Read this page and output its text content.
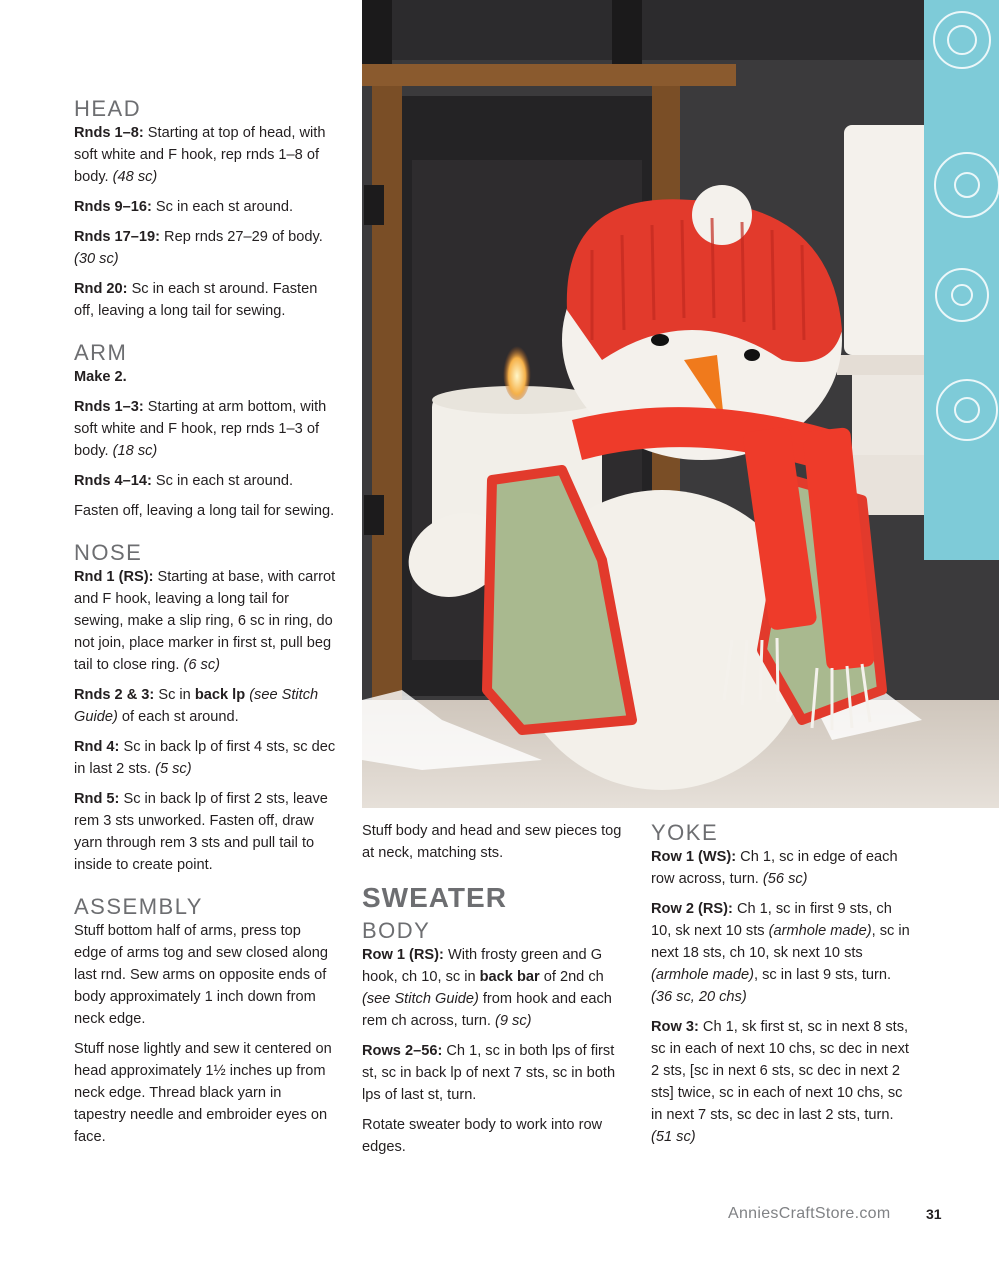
HEAD

Rnds 1–8: Starting at top of head, with soft white and F hook, rep rnds 1–8 of body. (48 sc)

Rnds 9–16: Sc in each st around.

Rnds 17–19: Rep rnds 27–29 of body. (30 sc)

Rnd 20: Sc in each st around. Fasten off, leaving a long tail for sewing.

ARM

Make 2.

Rnds 1–3: Starting at arm bottom, with soft white and F hook, rep rnds 1–3 of body. (18 sc)

Rnds 4–14: Sc in each st around.

Fasten off, leaving a long tail for sewing.

NOSE

Rnd 1 (RS): Starting at base, with carrot and F hook, leaving a long tail for sewing, make a slip ring, 6 sc in ring, do not join, place marker in first st, pull beg tail to close ring. (6 sc)

Rnds 2 & 3: Sc in back lp (see Stitch Guide) of each st around.

Rnd 4: Sc in back lp of first 4 sts, sc dec in last 2 sts. (5 sc)

Rnd 5: Sc in back lp of first 2 sts, leave rem 3 sts unworked. Fasten off, draw yarn through rem 3 sts and pull tail to inside to create point.

ASSEMBLY

Stuff bottom half of arms, press top edge of arms tog and sew closed along last rnd. Sew arms on opposite ends of body approximately 1 inch down from neck edge.

Stuff nose lightly and sew it centered on head approximately 1½ inches up from neck edge. Thread black yarn in tapestry needle and embroider eyes on face.

Stuff body and head and sew pieces tog at neck, matching sts.

SWEATER
BODY

Row 1 (RS): With frosty green and G hook, ch 10, sc in back bar of 2nd ch (see Stitch Guide) from hook and each rem ch across, turn. (9 sc)

Rows 2–56: Ch 1, sc in both lps of first st, sc in back lp of next 7 sts, sc in both lps of last st, turn.

Rotate sweater body to work into row edges.

YOKE

Row 1 (WS): Ch 1, sc in edge of each row across, turn. (56 sc)

Row 2 (RS): Ch 1, sc in first 9 sts, ch 10, sk next 10 sts (armhole made), sc in next 18 sts, ch 10, sk next 10 sts (armhole made), sc in last 9 sts, turn. (36 sc, 20 chs)

Row 3: Ch 1, sk first st, sc in next 8 sts, sc in each of next 10 chs, sc dec in next 2 sts, [sc in next 6 sts, sc dec in next 2 sts] twice, sc in each of next 10 chs, sc in next 7 sts, sc dec in last 2 sts, turn. (51 sc)

AnniesCraftStore.com	31
